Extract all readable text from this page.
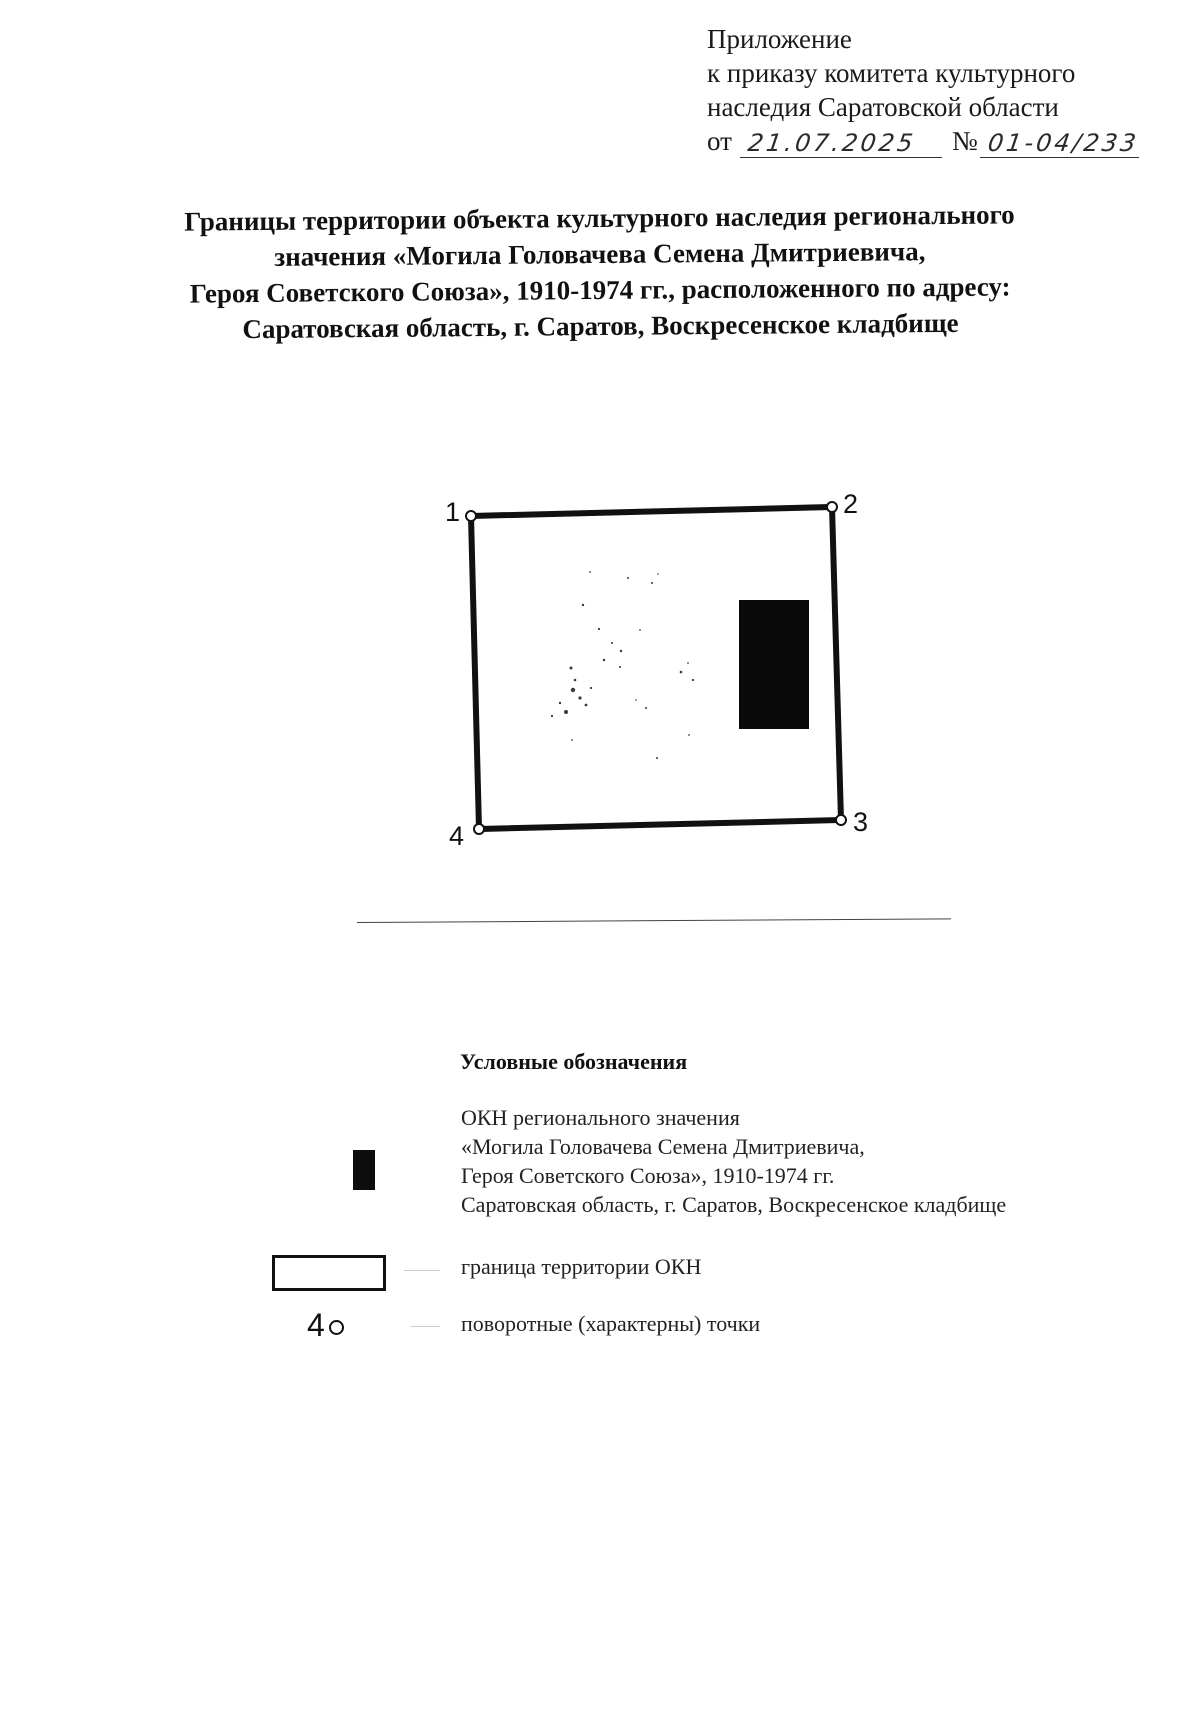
Приложение
к приказу комитета культурного
наследия Саратовской области
от 21.07.2025	№ 01-04/233
Границы территории объекта культурного наследия регионального
значения «Могила Головачева Семена Дмитриевича,
Героя Советского Союза», 1910-1974 гг., расположенного по адресу:
Саратовская область, г. Саратов, Воскресенское кладбище
1	2
3
4
Условные обозначения
ОКН регионального значения
«Могила Головачева Семена Дмитриевича,
Героя Советского Союза», 1910-1974 гг.
Саратовская область, г. Саратов, Воскресенское кладбище
граница территории ОКН
4	поворотные (характерны) точки
